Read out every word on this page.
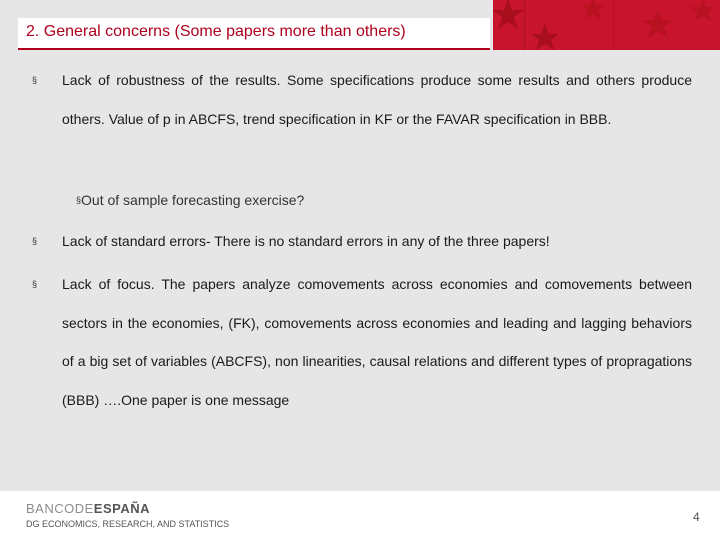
2. General concerns (Some papers more than others)
§ Lack of robustness of the results. Some specifications produce some results and others produce others. Value of p in ABCFS, trend specification in KF or the FAVAR specification in BBB.
§Out of sample forecasting exercise?
§ Lack of standard errors- There is no standard errors in any of the three papers!
§ Lack of focus. The papers analyze comovements across economies and comovements between sectors in the economies, (FK), comovements across economies and leading and lagging behaviors of a big set of variables (ABCFS), non linearities, causal relations and different types of propragations (BBB) ….One paper is one message
BANCODEESPAÑA
DG ECONOMICS, RESEARCH, AND STATISTICS	4
